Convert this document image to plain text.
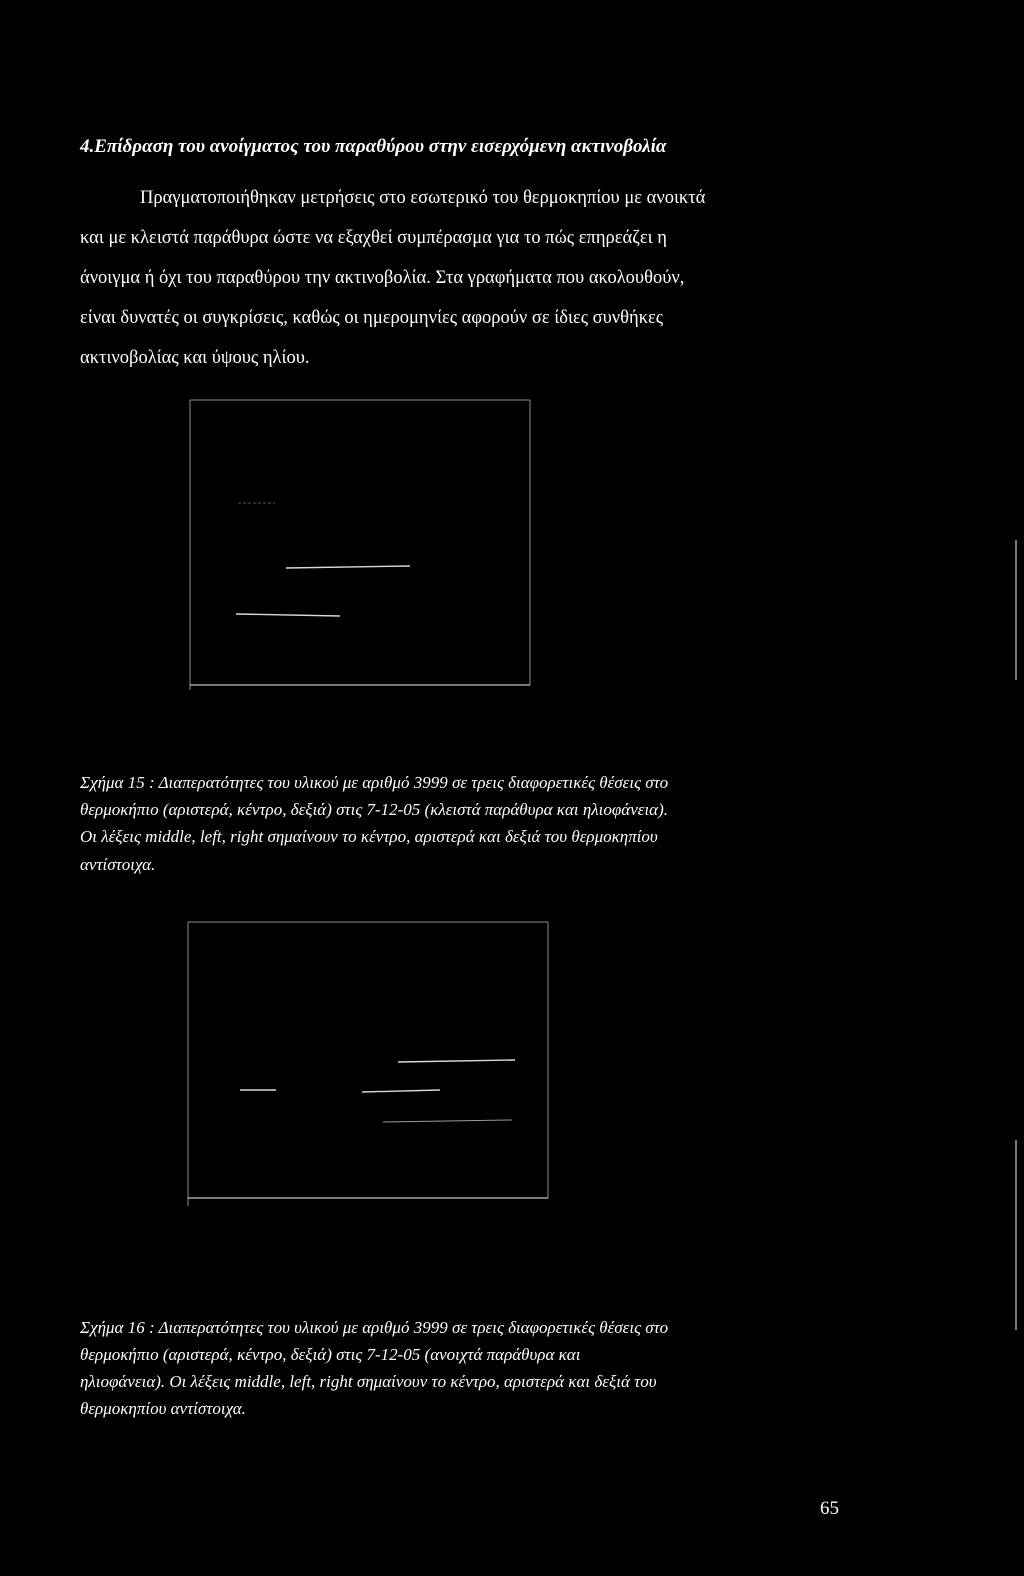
4.Επίδραση του ανοίγματος του παραθύρου στην εισερχόμενη ακτινοβολία
Πραγματοποιήθηκαν μετρήσεις στο εσωτερικό του θερμοκηπίου με ανοικτά
και με κλειστά παράθυρα ώστε να εξαχθεί συμπέρασμα για το πώς επηρεάζει η
άνοιγμα ή όχι του παραθύρου την ακτινοβολία. Στα γραφήματα που ακολουθούν,
είναι δυνατές οι συγκρίσεις, καθώς οι ημερομηνίες αφορούν σε ίδιες συνθήκες
ακτινοβολίας και ύψους ηλίου.
Σχήμα 15 : Διαπερατότητες του υλικού με αριθμό 3999 σε τρεις διαφορετικές θέσεις στο
θερμοκήπιο (αριστερά, κέντρο, δεξιά) στις 7-12-05 (κλειστά παράθυρα και ηλιοφάνεια).
Οι λέξεις middle, left, right σημαίνουν το κέντρο, αριστερά και δεξιά του θερμοκηπίου
αντίστοιχα.
Σχήμα 16 : Διαπερατότητες του υλικού με αριθμό 3999 σε τρεις διαφορετικές θέσεις στο
θερμοκήπιο (αριστερά, κέντρο, δεξιά) στις 7-12-05 (ανοιχτά παράθυρα και
ηλιοφάνεια). Οι λέξεις middle, left, right σημαίνουν το κέντρο, αριστερά και δεξιά του
θερμοκηπίου αντίστοιχα.
65
